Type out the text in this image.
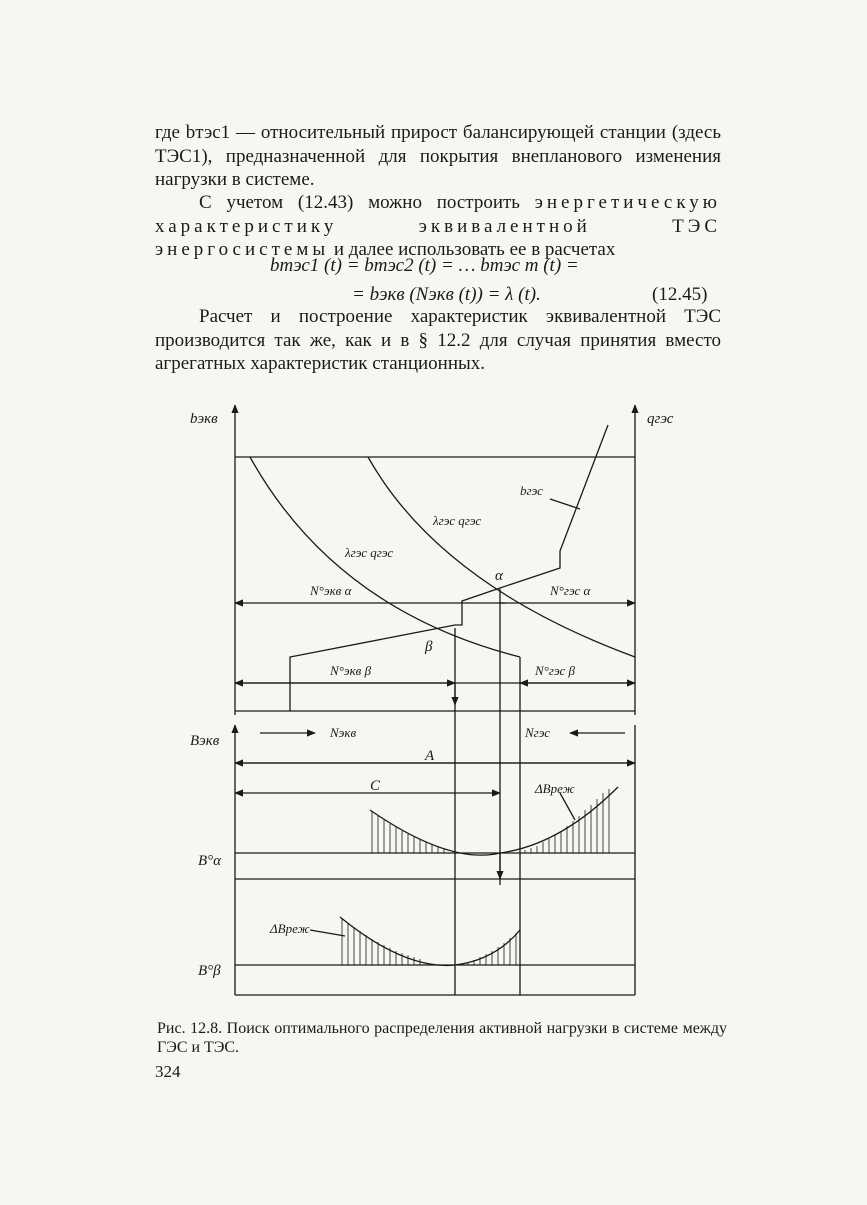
где bтэс1 — относительный прирост балансирующей станции (здесь ТЭС1), предназначенной для покрытия внепланового изменения нагрузки в системе.
С учетом (12.43) можно построить энергетическую характеристику эквивалентной ТЭС энергосистемы и далее использовать ее в расчетах
bтэс1 (t) = bтэс2 (t) = … bтэс m (t) =
= bэкв (Nэкв (t)) = λ (t).	(12.45)
Расчет и построение характеристик эквивалентной ТЭС производится так же, как и в § 12.2 для случая принятия вместо агрегатных характеристик станционных.
bэкв	qгэс
bгэс
λгэс qгэс
λгэс qгэс
α
β
N°экв α	N°гэс α
N°экв β	N°гэс β
Bэкв
Nэкв	Nгэс
A
C	ΔBреж
ΔBреж
B°α
B°β
Рис. 12.8. Поиск оптимального распределения активной нагрузки в системе между ГЭС и ТЭС.
324
